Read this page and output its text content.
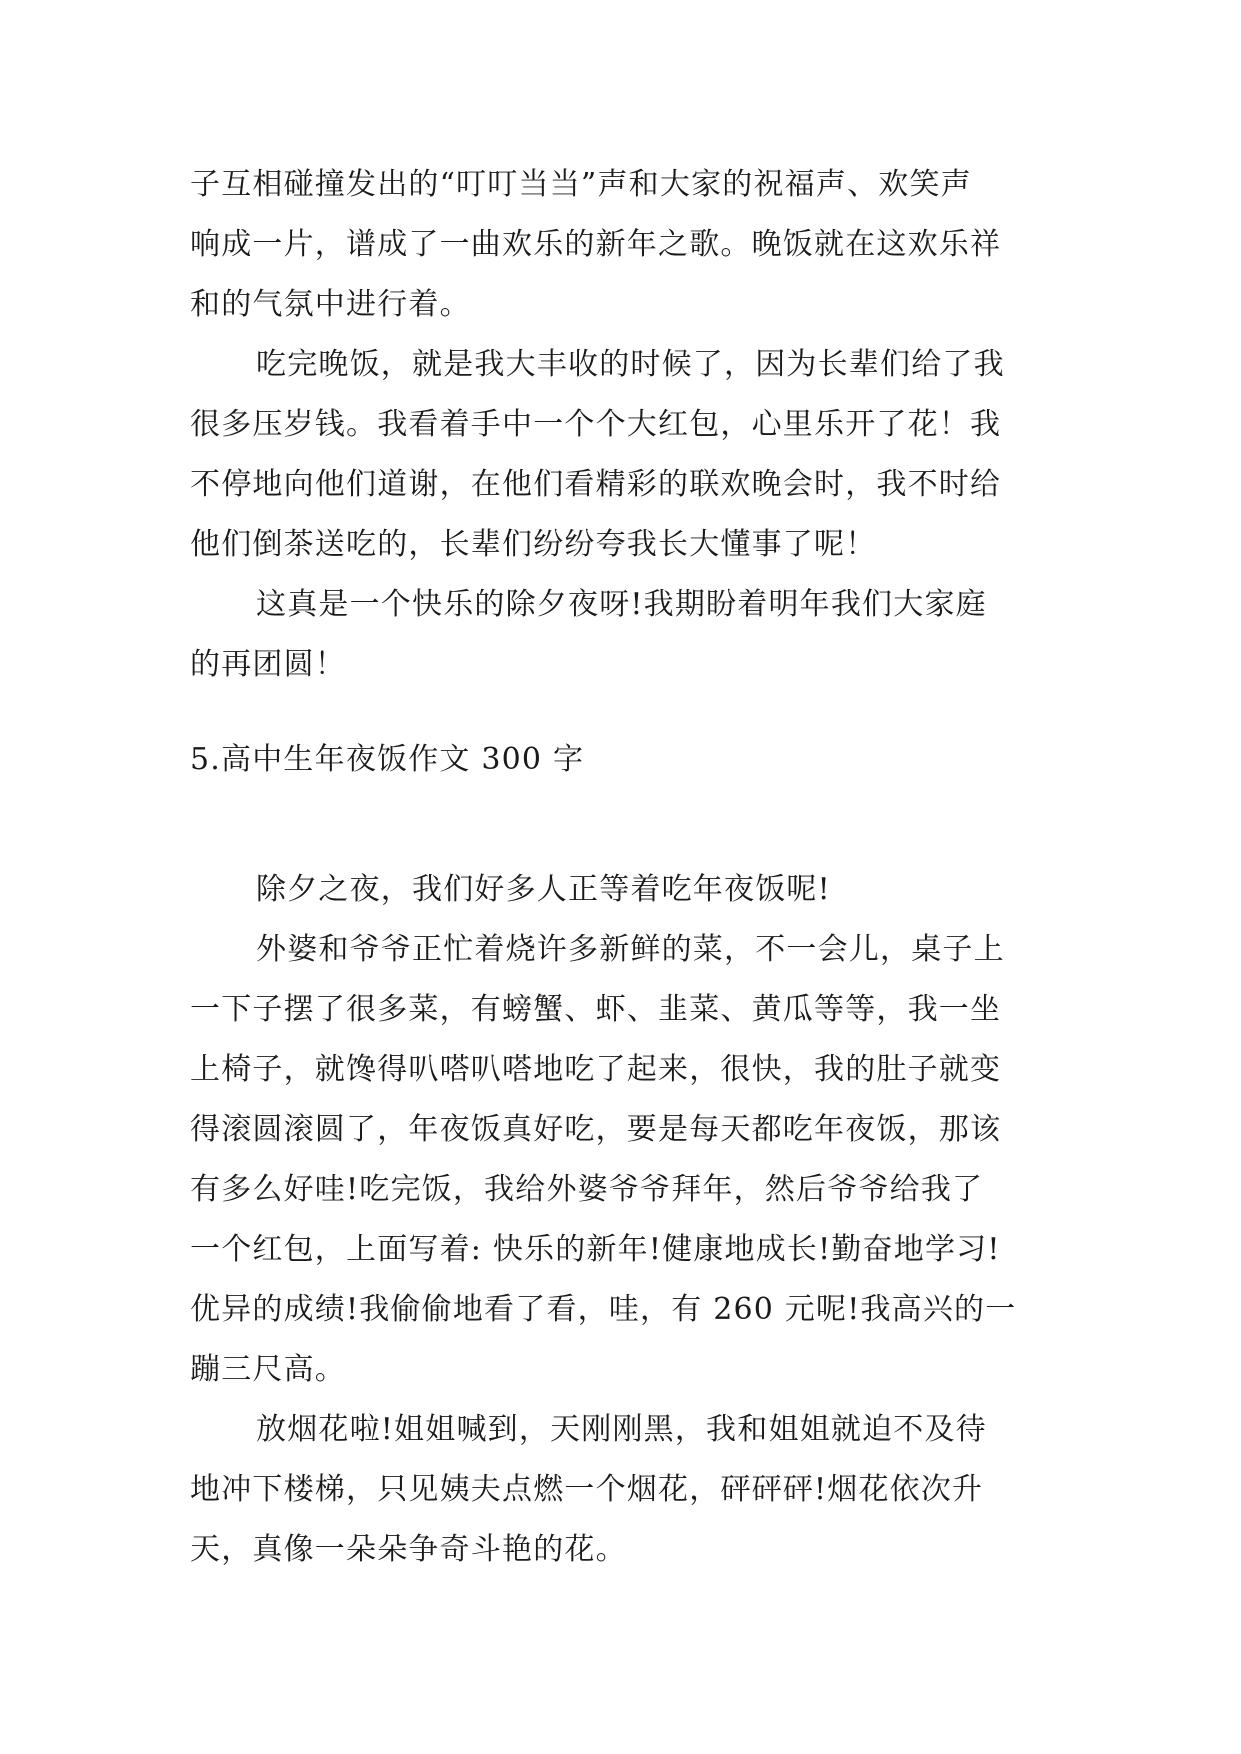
子互相碰撞发出的“叮叮当当”声和大家的祝福声、欢笑声
响成一片，谱成了一曲欢乐的新年之歌。晚饭就在这欢乐祥
和的气氛中进行着。
吃完晚饭，就是我大丰收的时候了，因为长辈们给了我
很多压岁钱。我看着手中一个个大红包，心里乐开了花！我
不停地向他们道谢，在他们看精彩的联欢晚会时，我不时给
他们倒茶送吃的，长辈们纷纷夸我长大懂事了呢！
这真是一个快乐的除夕夜呀!我期盼着明年我们大家庭
的再团圆！
5.高中生年夜饭作文 300 字
除夕之夜，我们好多人正等着吃年夜饭呢!
外婆和爷爷正忙着烧许多新鲜的菜，不一会儿，桌子上
一下子摆了很多菜，有螃蟹、虾、韭菜、黄瓜等等，我一坐
上椅子，就馋得叭嗒叭嗒地吃了起来，很快，我的肚子就变
得滚圆滚圆了，年夜饭真好吃，要是每天都吃年夜饭，那该
有多么好哇!吃完饭，我给外婆爷爷拜年，然后爷爷给我了
一个红包，上面写着: 快乐的新年!健康地成长!勤奋地学习!
优异的成绩!我偷偷地看了看，哇，有 260 元呢!我高兴的一
蹦三尺高。
放烟花啦!姐姐喊到，天刚刚黑，我和姐姐就迫不及待
地冲下楼梯，只见姨夫点燃一个烟花，砰砰砰!烟花依次升
天，真像一朵朵争奇斗艳的花。
